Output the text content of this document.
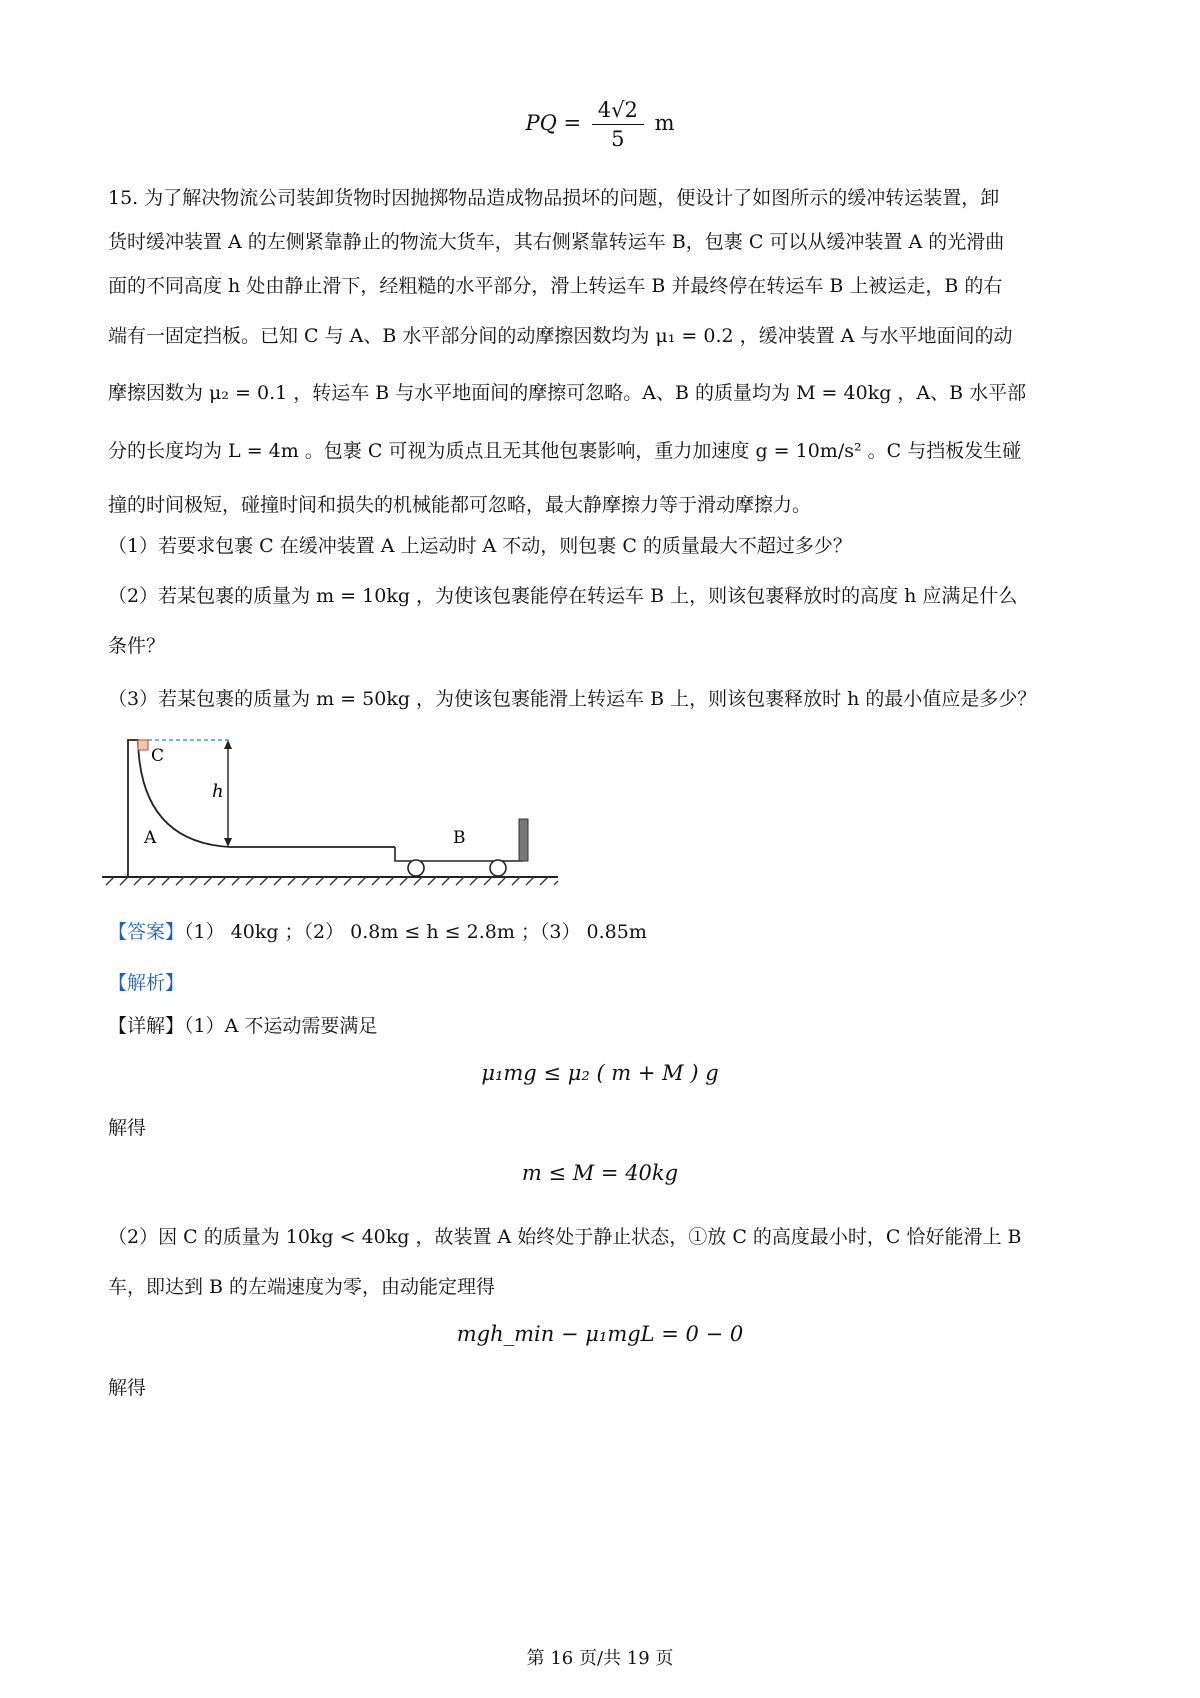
PQ = $\frac{4√2}{5}$ m
15. 为了解决物流公司装卸货物时因抛掷物品造成物品损坏的问题，便设计了如图所示的缓冲转运装置，卸
货时缓冲装置 A 的左侧紧靠静止的物流大货车，其右侧紧靠转运车 B，包裹 C 可以从缓冲装置 A 的光滑曲
面的不同高度 h 处由静止滑下，经粗糙的水平部分，滑上转运车 B 并最终停在转运车 B 上被运走，B 的右
端有一固定挡板。已知 C 与 A、B 水平部分间的动摩擦因数均为 μ₁ = 0.2 ，缓冲装置 A 与水平地面间的动
摩擦因数为 μ₂ = 0.1 ，转运车 B 与水平地面间的摩擦可忽略。A、B 的质量均为 M = 40kg ，A、B 水平部
分的长度均为 L = 4m 。包裹 C 可视为质点且无其他包裹影响，重力加速度 g = 10m/s² 。C 与挡板发生碰
撞的时间极短，碰撞时间和损失的机械能都可忽略，最大静摩擦力等于滑动摩擦力。
（1）若要求包裹 C 在缓冲装置 A 上运动时 A 不动，则包裹 C 的质量最大不超过多少？
（2）若某包裹的质量为 m = 10kg ，为使该包裹能停在转运车 B 上，则该包裹释放时的高度 h 应满足什么
条件？
（3）若某包裹的质量为 m = 50kg ，为使该包裹能滑上转运车 B 上，则该包裹释放时 h 的最小值应是多少？
C
h
A	B
【答案】（1） 40kg ；（2） 0.8m ≤ h ≤ 2.8m ；（3） 0.85m
【解析】
【详解】（1）A 不运动需要满足
μ₁mg ≤ μ₂ ( m + M ) g
解得
m ≤ M = 40kg
（2）因 C 的质量为 10kg < 40kg ，故装置 A 始终处于静止状态，①放 C 的高度最小时，C 恰好能滑上 B
车，即达到 B 的左端速度为零，由动能定理得
mgh_min − μ₁mgL = 0 − 0
解得
第 16 页/共 19 页
